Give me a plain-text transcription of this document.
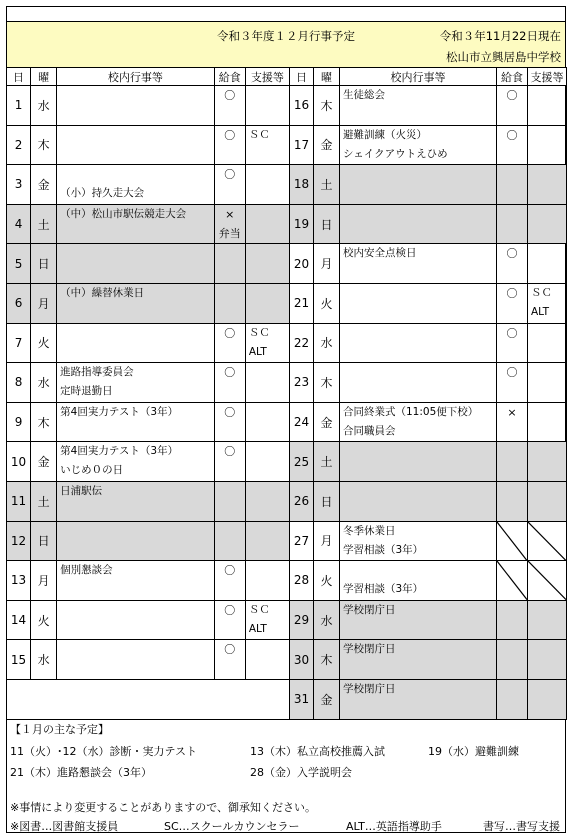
令和３年度１２月行事予定	令和３年11月22日現在
松山市立興居島中学校
日	曜	校内行事等	給食	支援等
1	水		〇	

2	木		〇	ＳＣ

3	金	（小）持久走大会	〇	

4	土	（中）松山市駅伝競走大会	×
弁当	

5	日	

6	月	（中）繰替休業日		

7	火		〇	ＳＣ
ALT

8	水	進路指導委員会
定時退勤日	〇	

9	木	第4回実力テスト（3年）	〇	

10	金	第4回実力テスト（3年）
いじめ０の日	〇	

11	土	日浦駅伝		

12	日	

13	月	個別懇談会	〇	

14	火		〇	ＳＣ
ALT

15	水		〇	

日	曜	校内行事等	給食	支援等
16	木	生徒総会	〇	

17	金	避難訓練（火災）
シェイクアウトえひめ	〇	

18	土	

19	日	

20	月	校内安全点検日	〇	

21	火		〇	ＳＣ
ALT

22	水		〇	

23	木		〇	

24	金	合同終業式（11:05便下校）
合同職員会	×	

25	土	

26	日	

27	月	冬季休業日
学習相談（3年）

28	火	学習相談（3年）

29	水	学校閉庁日		

30	木	学校閉庁日		

31	金	学校閉庁日		

【１月の主な予定】
11（火）･12（水）診断・実力テスト	13（木）私立高校推薦入試	19（水）避難訓練
21（木）進路懇談会（3年）	28（金）入学説明会
※事情により変更することがありますので、御承知ください。
※図書…図書館支援員	SC…スクールカウンセラー	ALT…英語指導助手	書写…書写支援
